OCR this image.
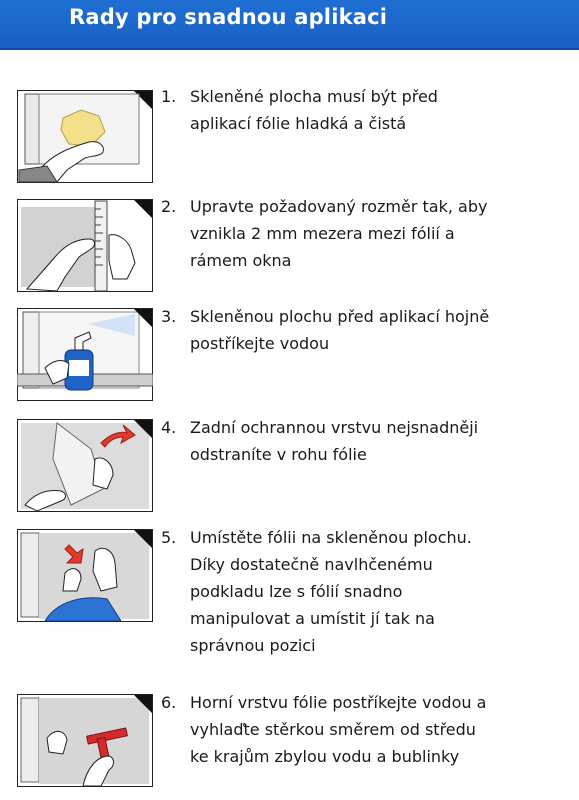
Rady pro snadnou aplikaci
1. Skleněné plocha musí být před
aplikací fólie hladká a čistá
2. Upravte požadovaný rozměr tak, aby
vznikla 2 mm mezera mezi fólií a
rámem okna
3. Skleněnou plochu před aplikací hojně
postříkejte vodou
4. Zadní ochrannou vrstvu nejsnadněji
odstraníte v rohu fólie
5. Umístěte fólii na skleněnou plochu.
Díky dostatečně navlhčenému
podkladu lze s fólií snadno
manipulovat a umístit jí tak na
správnou pozici
6. Horní vrstvu fólie postříkejte vodou a
vyhlaďte stěrkou směrem od středu
ke krajům zbylou vodu a bublinky
